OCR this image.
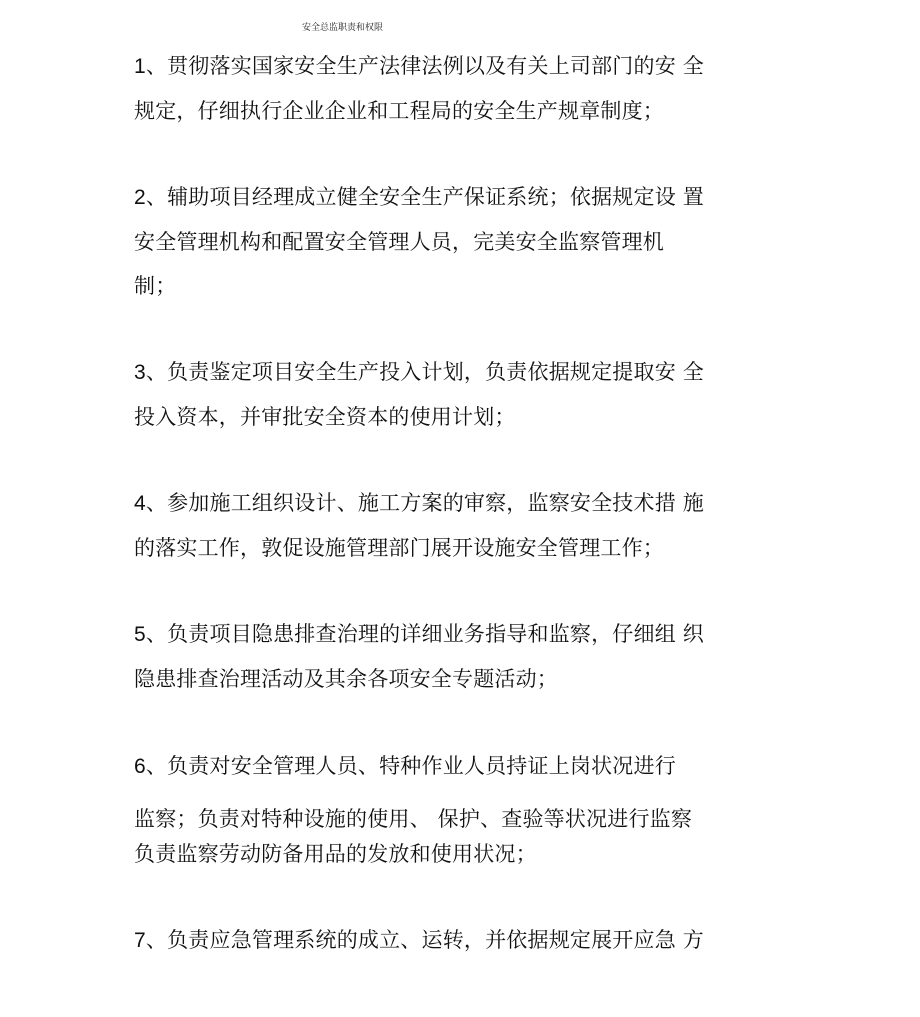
安全总监职责和权限
1、贯彻落实国家安全生产法律法例以及有关上司部门的安 全
规定，仔细执行企业企业和工程局的安全生产规章制度；
2、辅助项目经理成立健全安全生产保证系统；依据规定设 置
安全管理机构和配置安全管理人员，完美安全监察管理机
制；
3、负责鉴定项目安全生产投入计划，负责依据规定提取安 全
投入资本，并审批安全资本的使用计划；
4、参加施工组织设计、施工方案的审察，监察安全技术措 施
的落实工作，敦促设施管理部门展开设施安全管理工作；
5、负责项目隐患排查治理的详细业务指导和监察，仔细组 织
隐患排查治理活动及其余各项安全专题活动；
6、负责对安全管理人员、特种作业人员持证上岗状况进行
监察；负责对特种设施的使用、 保护、查验等状况进行监察
负责监察劳动防备用品的发放和使用状况；
7、负责应急管理系统的成立、运转，并依据规定展开应急 方
